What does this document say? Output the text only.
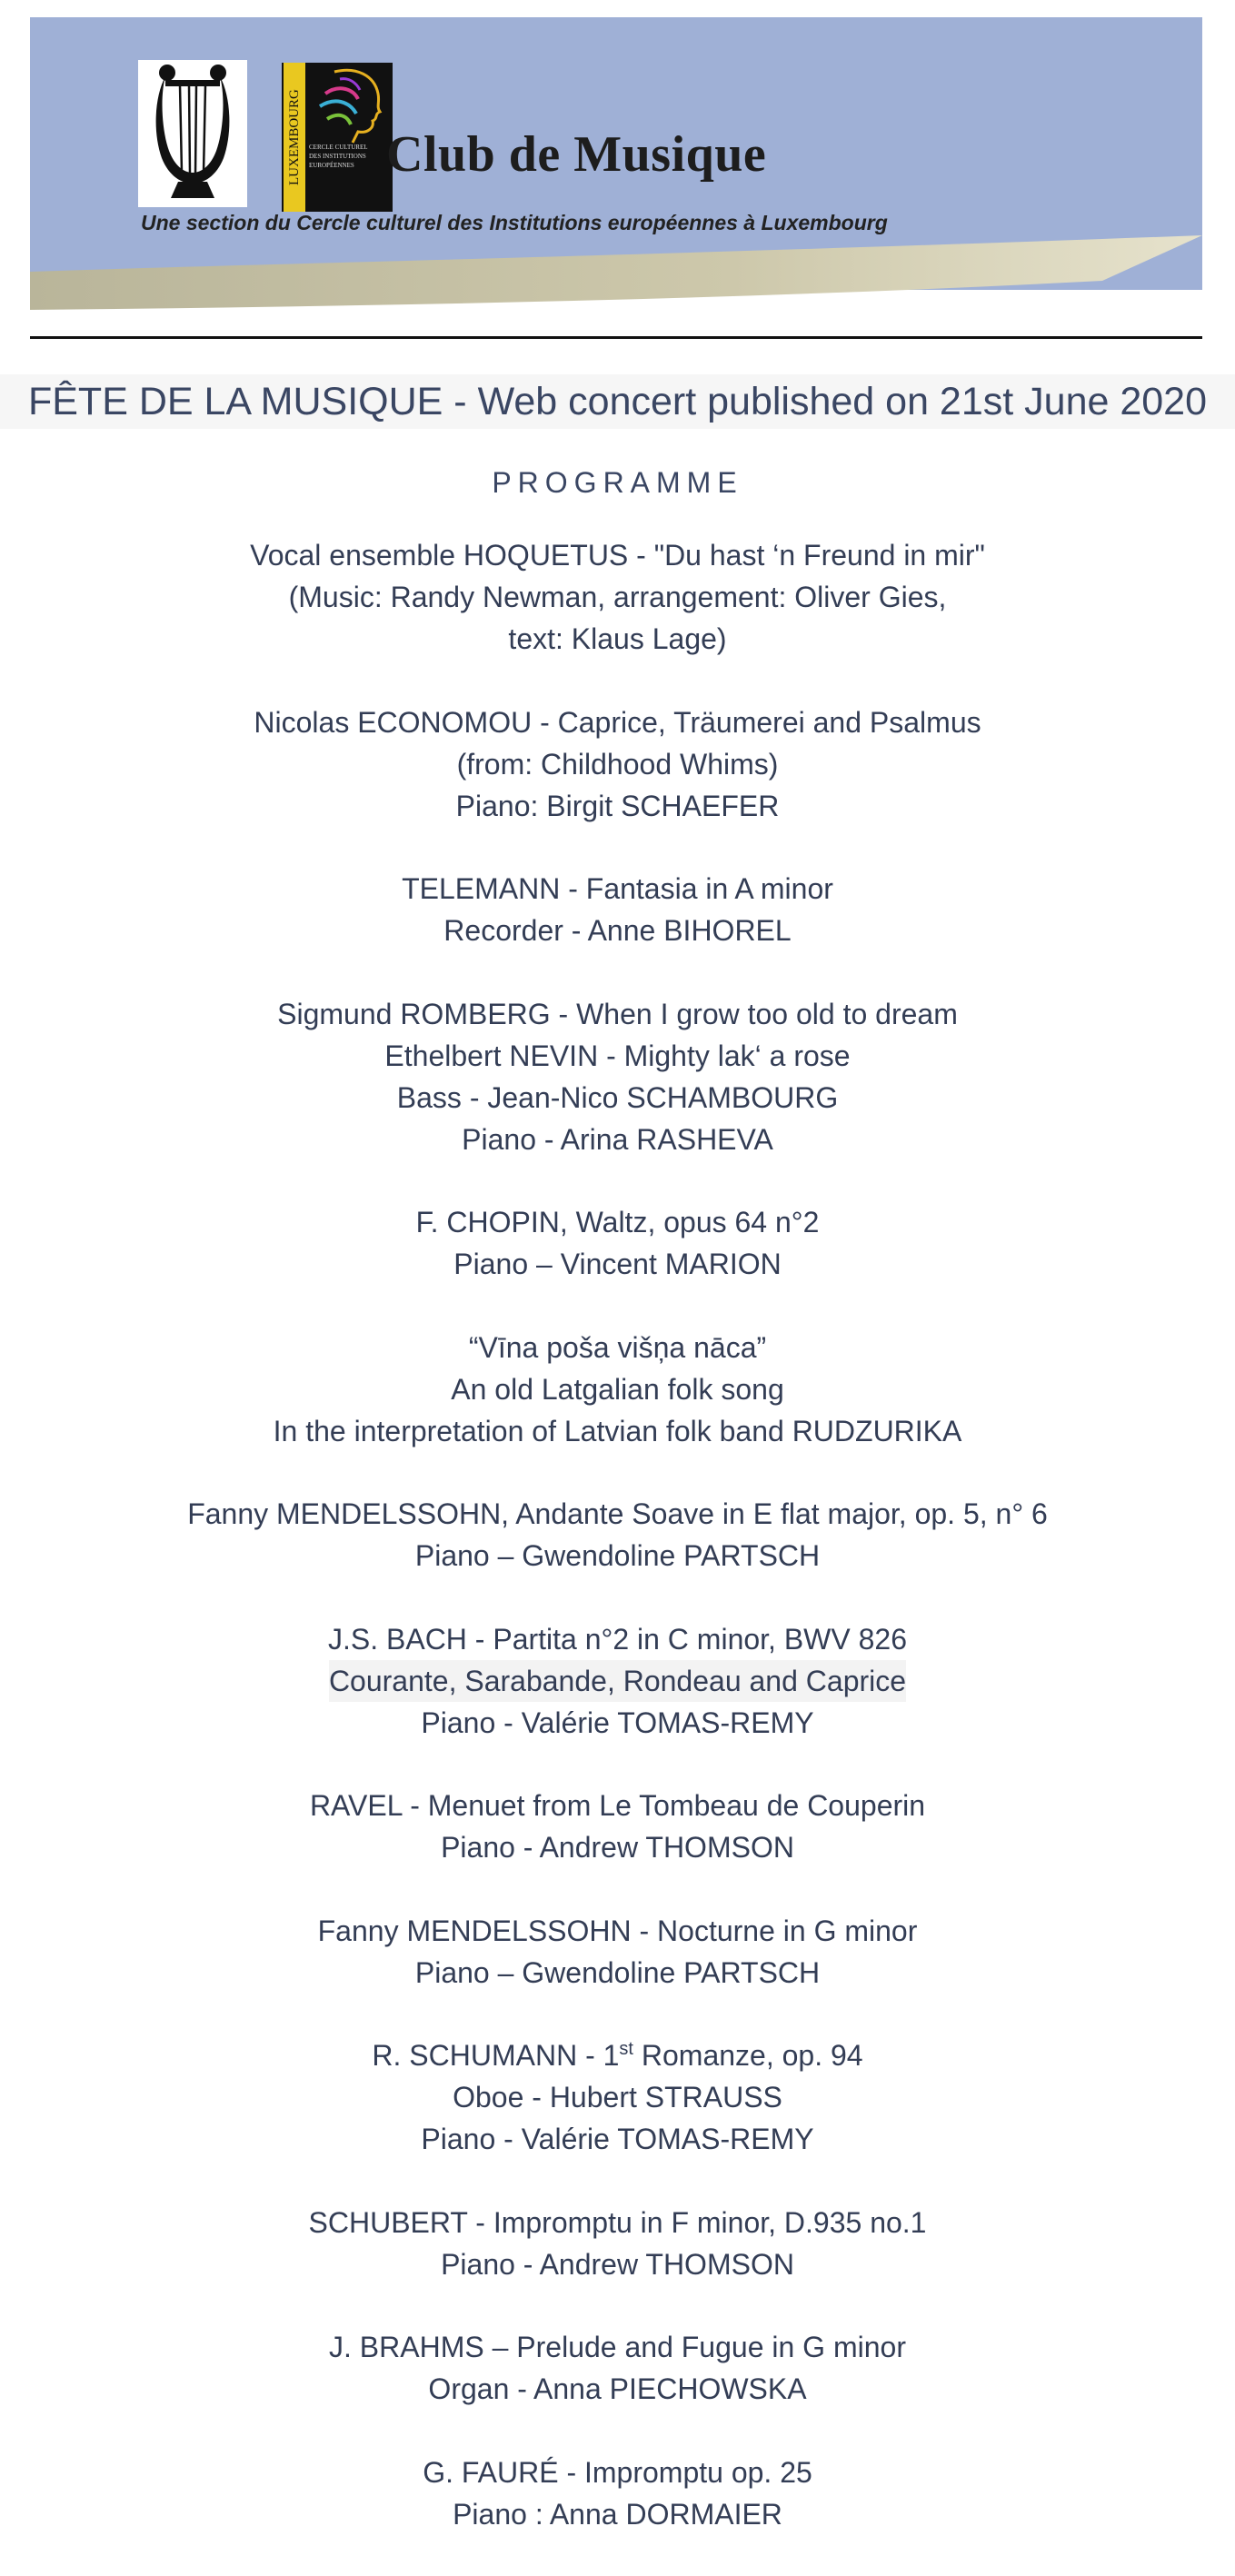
LUXEMBOURG	CERCLE CULTUREL
DES INSTITUTIONS
EUROPÉENNES Club de Musique
Une section du Cercle culturel des Institutions européennes à Luxembourg
FÊTE DE LA MUSIQUE - Web concert published on 21st June 2020
PROGRAMME
Vocal ensemble HOQUETUS - "Du hast ‘n Freund in mir"
(Music: Randy Newman, arrangement: Oliver Gies,
text: Klaus Lage)
Nicolas ECONOMOU - Caprice, Träumerei and Psalmus
(from: Childhood Whims)
Piano: Birgit SCHAEFER
TELEMANN - Fantasia in A minor
Recorder - Anne BIHOREL
Sigmund ROMBERG - When I grow too old to dream
Ethelbert NEVIN - Mighty lak‘ a rose
Bass - Jean-Nico SCHAMBOURG
Piano - Arina RASHEVA
F. CHOPIN, Waltz, opus 64 n°2
Piano – Vincent MARION
“Vīna poša višņa nāca”
An old Latgalian folk song
In the interpretation of Latvian folk band RUDZURIKA
Fanny MENDELSSOHN, Andante Soave in E flat major, op. 5, n° 6
Piano – Gwendoline PARTSCH
J.S. BACH - Partita n°2 in C minor, BWV 826
Courante, Sarabande, Rondeau and Caprice
Piano - Valérie TOMAS-REMY
RAVEL - Menuet from Le Tombeau de Couperin
Piano - Andrew THOMSON
Fanny MENDELSSOHN - Nocturne in G minor
Piano – Gwendoline PARTSCH
R. SCHUMANN - 1st Romanze, op. 94
Oboe - Hubert STRAUSS
Piano - Valérie TOMAS-REMY
SCHUBERT - Impromptu in F minor, D.935 no.1
Piano - Andrew THOMSON
J. BRAHMS – Prelude and Fugue in G minor
Organ - Anna PIECHOWSKA
G. FAURÉ - Impromptu op. 25
Piano : Anna DORMAIER
